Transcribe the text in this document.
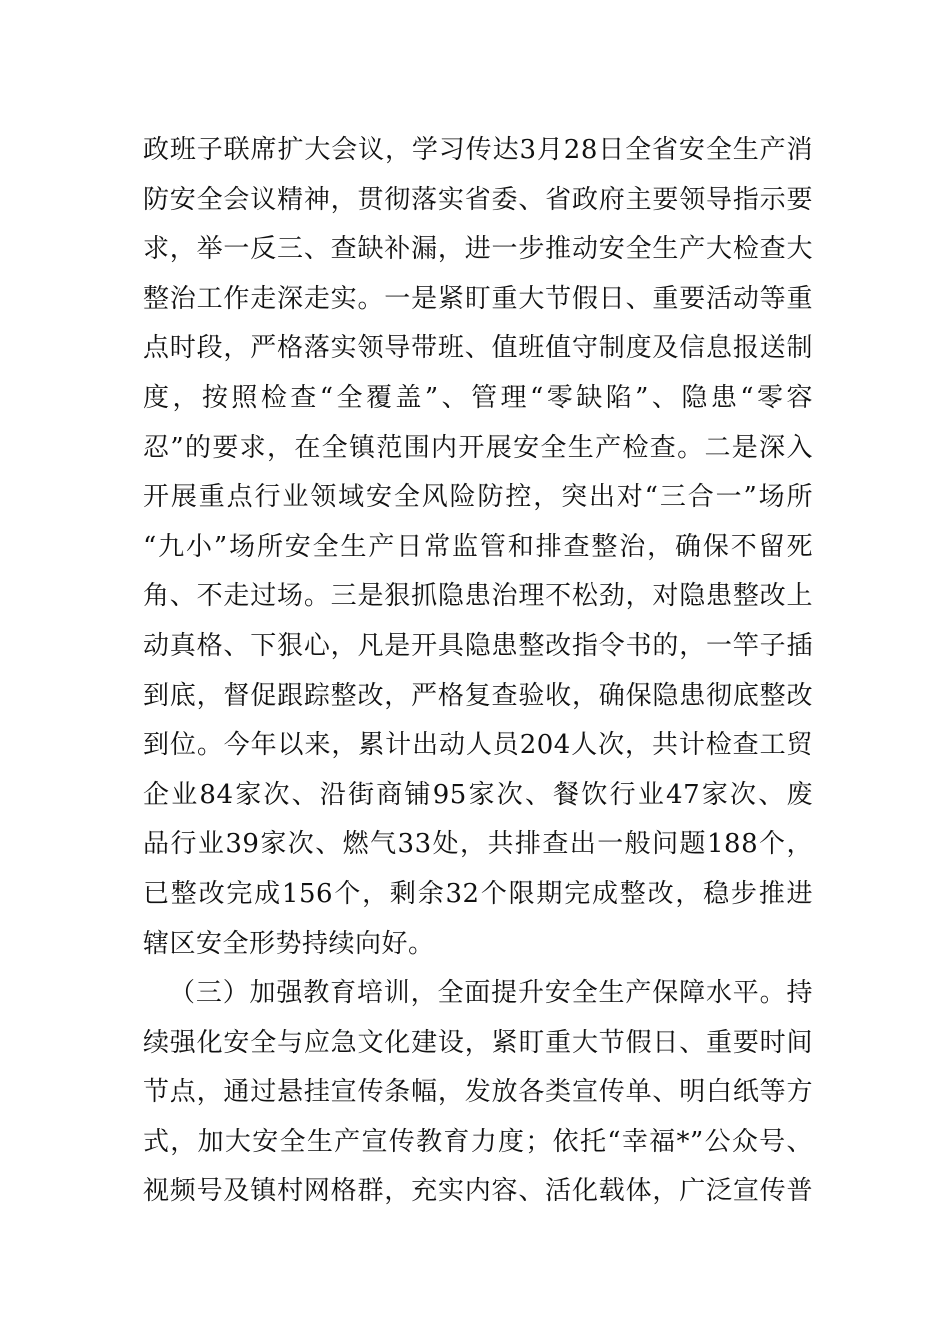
政班子联席扩大会议，学习传达3月28日全省安全生产消
防安全会议精神，贯彻落实省委、省政府主要领导指示要
求，举一反三、查缺补漏，进一步推动安全生产大检查大
整治工作走深走实。一是紧盯重大节假日、重要活动等重
点时段，严格落实领导带班、值班值守制度及信息报送制
度，按照检查“全覆盖”、管理“零缺陷”、隐患“零容
忍”的要求，在全镇范围内开展安全生产检查。二是深入
开展重点行业领域安全风险防控，突出对“三合一”场所
“九小”场所安全生产日常监管和排查整治，确保不留死
角、不走过场。三是狠抓隐患治理不松劲，对隐患整改上
动真格、下狠心，凡是开具隐患整改指令书的，一竿子插
到底，督促跟踪整改，严格复查验收，确保隐患彻底整改
到位。今年以来，累计出动人员204人次，共计检查工贸
企业84家次、沿街商铺95家次、餐饮行业47家次、废
品行业39家次、燃气33处，共排查出一般问题188个，
已整改完成156个，剩余32个限期完成整改，稳步推进
辖区安全形势持续向好。
（三）加强教育培训，全面提升安全生产保障水平。持
续强化安全与应急文化建设，紧盯重大节假日、重要时间
节点，通过悬挂宣传条幅，发放各类宣传单、明白纸等方
式，加大安全生产宣传教育力度；依托“幸福*”公众号、
视频号及镇村网格群，充实内容、活化载体，广泛宣传普
